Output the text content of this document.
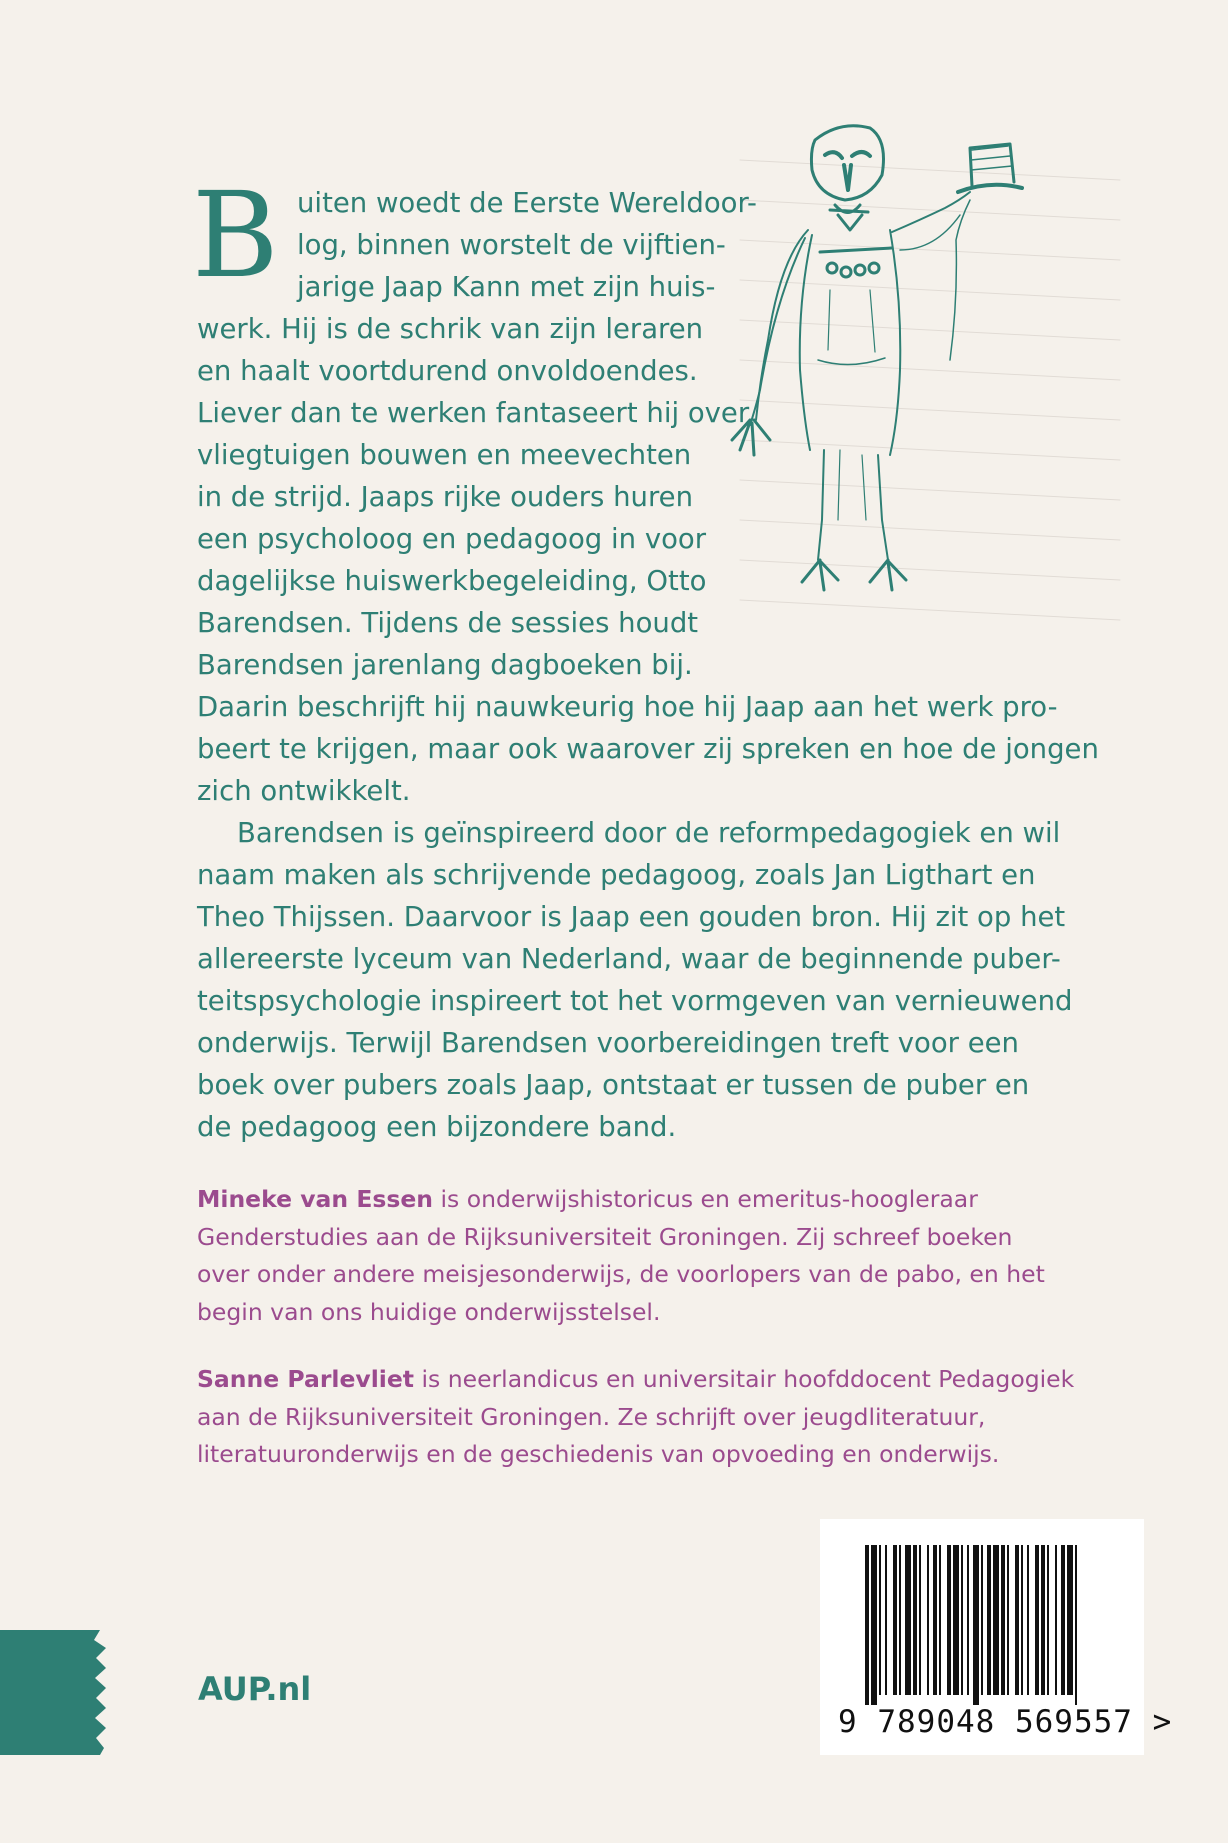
B uiten woedt de Eerste Wereldoor-
log, binnen worstelt de vijftien-
jarige Jaap Kann met zijn huis-
werk. Hij is de schrik van zijn leraren
en haalt voortdurend onvoldoendes.
Liever dan te werken fantaseert hij over
vliegtuigen bouwen en meevechten
in de strijd. Jaaps rijke ouders huren
een psycholoog en pedagoog in voor
dagelijkse huiswerkbegeleiding, Otto
Barendsen. Tijdens de sessies houdt
Barendsen jarenlang dagboeken bij.
Daarin beschrijft hij nauwkeurig hoe hij Jaap aan het werk pro-
beert te krijgen, maar ook waarover zij spreken en hoe de jongen
zich ontwikkelt.
Barendsen is geïnspireerd door de reformpedagogiek en wil
naam maken als schrijvende pedagoog, zoals Jan Ligthart en
Theo Thijssen. Daarvoor is Jaap een gouden bron. Hij zit op het
allereerste lyceum van Nederland, waar de beginnende puber-
teitspsychologie inspireert tot het vormgeven van vernieuwend
onderwijs. Terwijl Barendsen voorbereidingen treft voor een
boek over pubers zoals Jaap, ontstaat er tussen de puber en
de pedagoog een bijzondere band.
Mineke van Essen is onderwijshistoricus en emeritus-hoogleraar
Genderstudies aan de Rijksuniversiteit Groningen. Zij schreef boeken
over onder andere meisjesonderwijs, de voorlopers van de pabo, en het
begin van ons huidige onderwijsstelsel.
Sanne Parlevliet is neerlandicus en universitair hoofddocent Pedagogiek
aan de Rijksuniversiteit Groningen. Ze schrijft over jeugdliteratuur,
literatuuronderwijs en de geschiedenis van opvoeding en onderwijs.
AUP.nl
9 789048 569557 >
